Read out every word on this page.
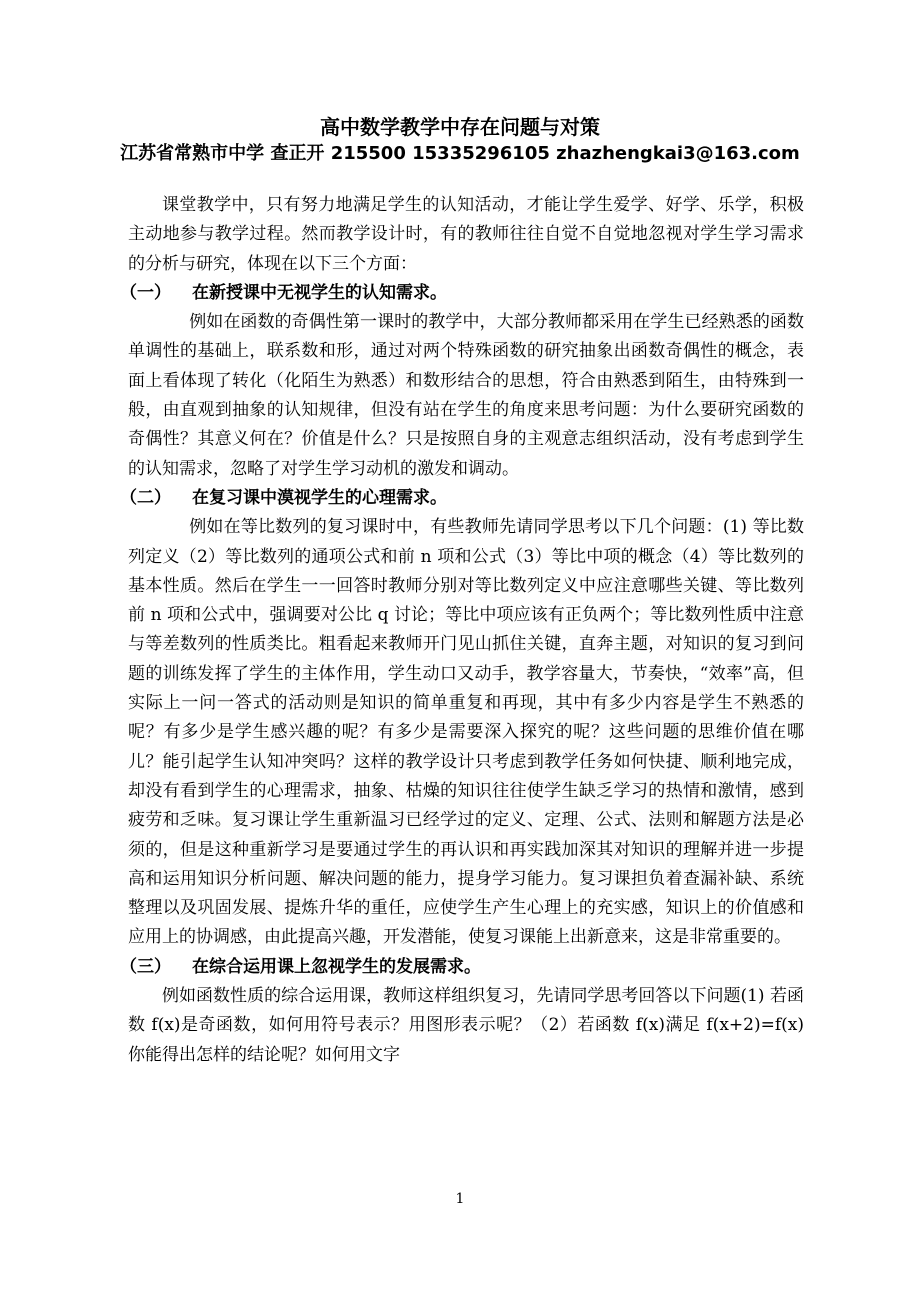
高中数学教学中存在问题与对策
江苏省常熟市中学 查正开 215500 15335296105 zhazhengkai3@163.com

课堂教学中，只有努力地满足学生的认知活动，才能让学生爱学、好学、乐学，积极主动地参与教学过程。然而教学设计时，有的教师往往自觉不自觉地忽视对学生学习需求的分析与研究，体现在以下三个方面：

（一） 在新授课中无视学生的认知需求。

例如在函数的奇偶性第一课时的教学中，大部分教师都采用在学生已经熟悉的函数单调性的基础上，联系数和形，通过对两个特殊函数的研究抽象出函数奇偶性的概念，表面上看体现了转化（化陌生为熟悉）和数形结合的思想，符合由熟悉到陌生，由特殊到一般，由直观到抽象的认知规律，但没有站在学生的角度来思考问题：为什么要研究函数的奇偶性？其意义何在？价值是什么？只是按照自身的主观意志组织活动，没有考虑到学生的认知需求，忽略了对学生学习动机的激发和调动。

（二） 在复习课中漠视学生的心理需求。

例如在等比数列的复习课时中，有些教师先请同学思考以下几个问题：(1) 等比数列定义（2）等比数列的通项公式和前 n 项和公式（3）等比中项的概念（4）等比数列的基本性质。然后在学生一一回答时教师分别对等比数列定义中应注意哪些关键、等比数列前 n 项和公式中，强调要对公比 q 讨论；等比中项应该有正负两个；等比数列性质中注意与等差数列的性质类比。粗看起来教师开门见山抓住关键，直奔主题，对知识的复习到问题的训练发挥了学生的主体作用，学生动口又动手，教学容量大，节奏快，“效率”高，但实际上一问一答式的活动则是知识的简单重复和再现，其中有多少内容是学生不熟悉的呢？有多少是学生感兴趣的呢？有多少是需要深入探究的呢？这些问题的思维价值在哪儿？能引起学生认知冲突吗？这样的教学设计只考虑到教学任务如何快捷、顺利地完成，却没有看到学生的心理需求，抽象、枯燥的知识往往使学生缺乏学习的热情和激情，感到疲劳和乏味。复习课让学生重新温习已经学过的定义、定理、公式、法则和解题方法是必须的，但是这种重新学习是要通过学生的再认识和再实践加深其对知识的理解并进一步提高和运用知识分析问题、解决问题的能力，提身学习能力。复习课担负着查漏补缺、系统整理以及巩固发展、提炼升华的重任，应使学生产生心理上的充实感，知识上的价值感和应用上的协调感，由此提高兴趣，开发潜能，使复习课能上出新意来，这是非常重要的。

（三） 在综合运用课上忽视学生的发展需求。

例如函数性质的综合运用课，教师这样组织复习，先请同学思考回答以下问题(1) 若函数 f(x)是奇函数，如何用符号表示？用图形表示呢？（2）若函数 f(x)满足 f(x+2)=f(x) 你能得出怎样的结论呢？如何用文字

1
